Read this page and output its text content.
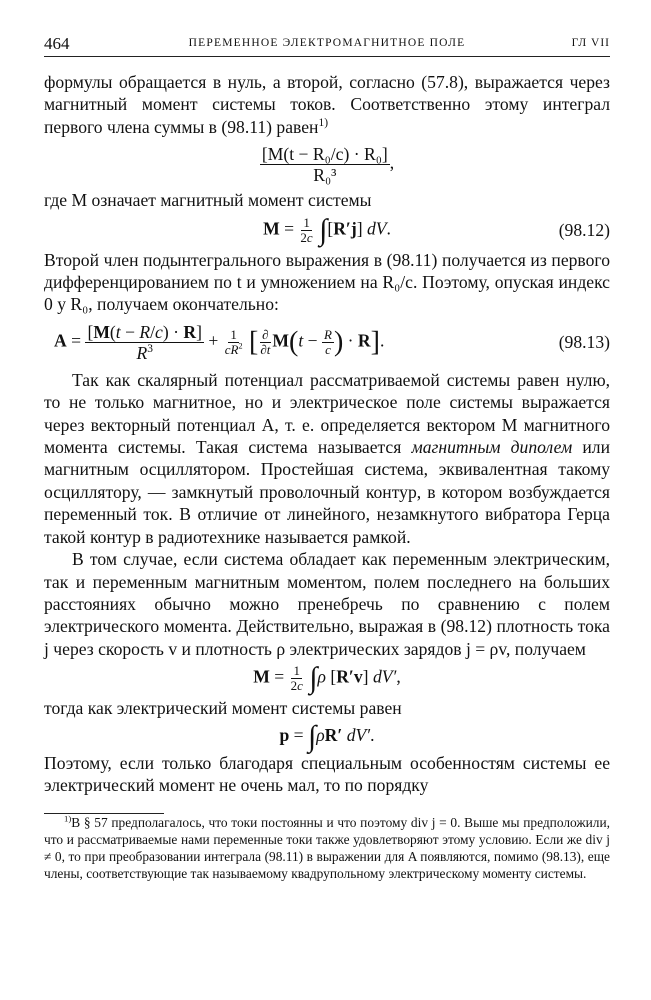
464	ПЕРЕМЕННОЕ ЭЛЕКТРОМАГНИТНОЕ ПОЛЕ	ГЛ VII

формулы обращается в нуль, а второй, согласно (57.8), выражается через магнитный момент системы токов. Соответственно этому интеграл первого члена суммы в (98.11) равен$^{1)}$

$\frac{\text{[M(t − R₀/c) · R₀]}}{\text{R₀³}}$ ,

где M означает магнитный момент системы

$M = \frac{1}{2c} \int[R'j]$ dV.	(98.12)

Второй член подынтегрального выражения в (98.11) получается из первого дифференцированием по t и умножением на R₀/c. Поэтому, опуская индекс 0 у R₀, получаем окончательно:

$A = \frac{[M(t - R/c) \cdot R]}{R^3} + \frac{1}{cR^2}$ [ $\frac{\partial}{\partial t} M(t - \frac{R}{c}$ ) · R].	(98.13)

Так как скалярный потенциал рассматриваемой системы равен нулю, то не только магнитное, но и электрическое поле системы выражается через векторный потенциал A, т. е. определяется вектором M магнитного момента системы. Такая система называется магнитным диполем или магнитным осциллятором. Простейшая система, эквивалентная такому осциллятору, — замкнутый проволочный контур, в котором возбуждается переменный ток. В отличие от линейного, незамкнутого вибратора Герца такой контур в радиотехнике называется рамкой.

В том случае, если система обладает как переменным электрическим, так и переменным магнитным моментом, полем последнего на больших расстояниях обычно можно пренебречь по сравнению с полем электрического момента. Действительно, выражая в (98.12) плотность тока j через скорость v и плотность ρ электрических зарядов j = ρv, получаем

$M = \frac{1}{2c} \int\rho$ [R′v] dV′,

тогда как электрический момент системы равен

p = ∫ρR′ dV′.

Поэтому, если только благодаря специальным особенностям системы ее электрический момент не очень мал, то по порядку

$^{1)}$В § 57 предполагалось, что токи постоянны и что поэтому div j = 0. Выше мы предположили, что и рассматриваемые нами переменные токи также удовлетворяют этому условию. Если же div j ≠ 0, то при преобразовании интеграла (98.11) в выражении для A появляются, помимо (98.13), еще члены, соответствующие так называемому квадрупольному электрическому моменту системы.
